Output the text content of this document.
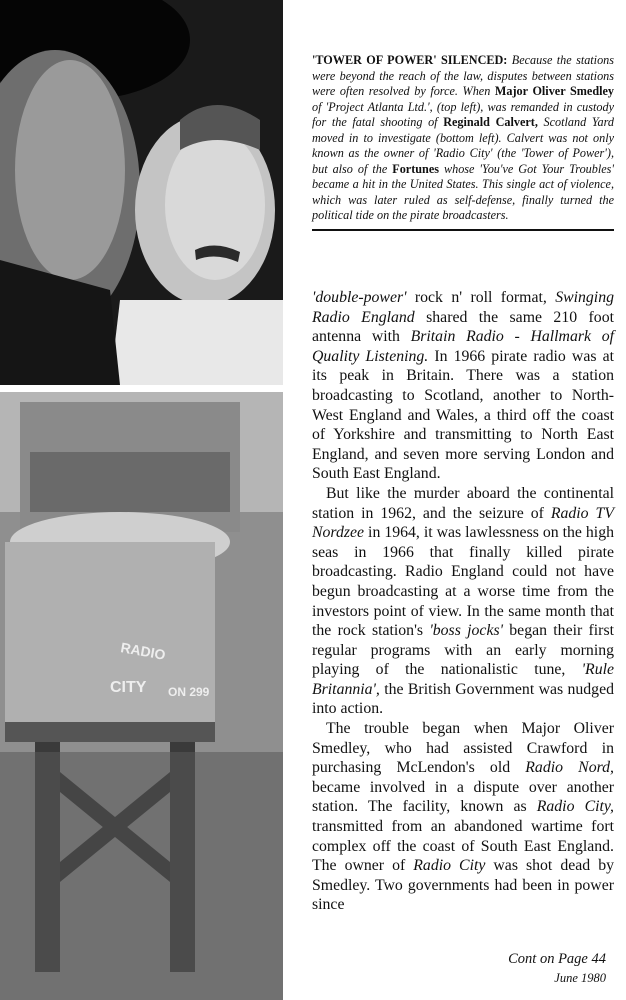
RADIO
CITY ON 299
'TOWER OF POWER' SILENCED: Because the stations were beyond the reach of the law, disputes between stations were often resolved by force. When Major Oliver Smedley of 'Project Atlanta Ltd.', (top left), was remanded in custody for the fatal shooting of Reginald Calvert, Scotland Yard moved in to investigate (bottom left). Calvert was not only known as the owner of 'Radio City' (the 'Tower of Power'), but also of the Fortunes whose 'You've Got Your Troubles' became a hit in the United States. This single act of violence, which was later ruled as self-defense, finally turned the political tide on the pirate broadcasters.

'double-power' rock n' roll format, Swinging Radio England shared the same 210 foot antenna with Britain Radio - Hallmark of Quality Listening. In 1966 pirate radio was at its peak in Britain. There was a station broadcasting to Scotland, another to North-West England and Wales, a third off the coast of Yorkshire and transmitting to North East England, and seven more serving London and South East England.

But like the murder aboard the continental station in 1962, and the seizure of Radio TV Nordzee in 1964, it was lawlessness on the high seas in 1966 that finally killed pirate broadcasting. Radio England could not have begun broadcasting at a worse time from the investors point of view. In the same month that the rock station's 'boss jocks' began their first regular programs with an early morning playing of the nationalistic tune, 'Rule Britannia', the British Government was nudged into action.

The trouble began when Major Oliver Smedley, who had assisted Crawford in purchasing McLendon's old Radio Nord, became involved in a dispute over another station. The facility, known as Radio City, transmitted from an abandoned wartime fort complex off the coast of South East England. The owner of Radio City was shot dead by Smedley. Two governments had been in power since

Cont on Page 44
June 1980
